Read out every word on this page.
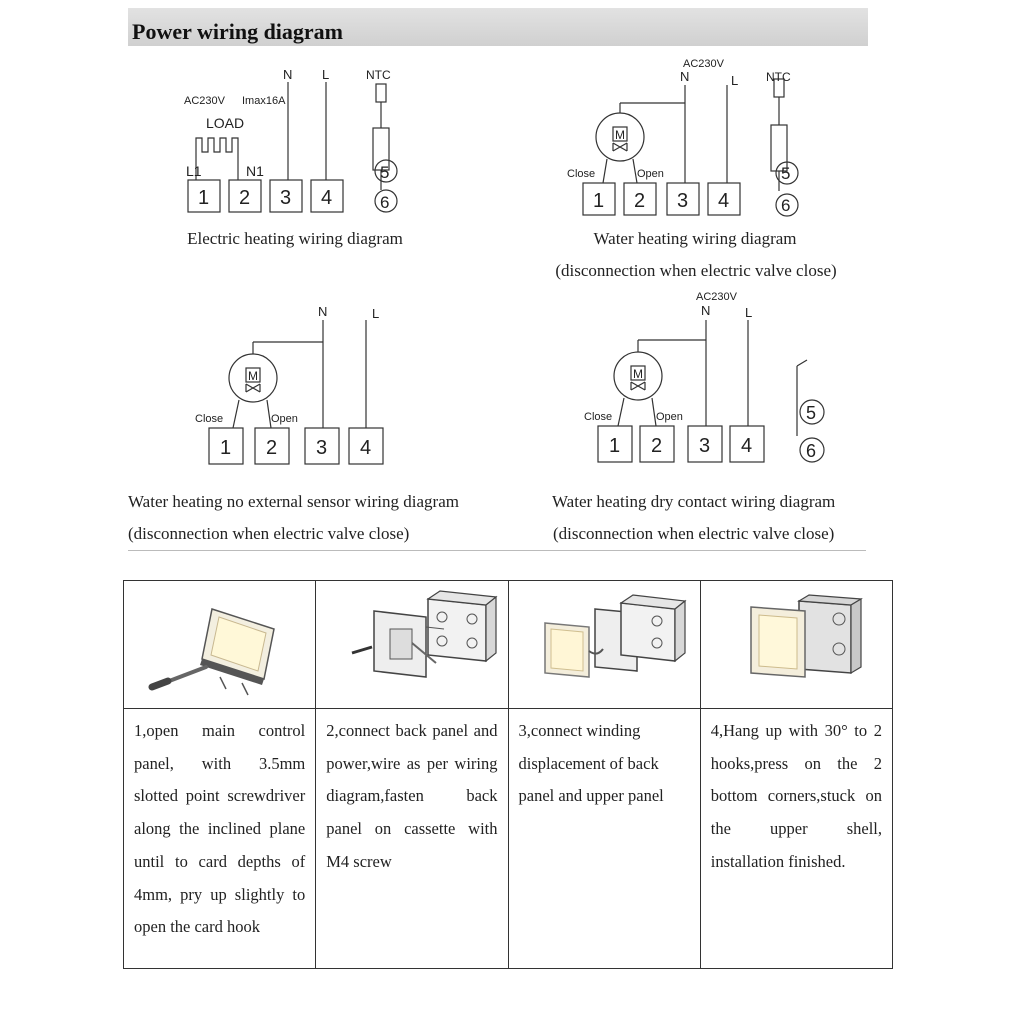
Power wiring diagram
AC230V Imax16A
LOAD
L1	N1
N L	NTC
1 2 3 4
5
6
Electric heating wiring diagram
AC230V
N	L NTC
M
Close	Open
1 2 3 4
5
6
Water heating wiring diagram
(disconnection when electric valve close)
N	L
M
Close	Open
1 2 3 4
Water heating no external sensor wiring diagram
(disconnection when electric valve close)
AC230V
N	L
M
Close	Open
1 2 3 4
5
6
Water heating dry contact wiring diagram
(disconnection when electric valve close)

1,open main control panel, with 3.5mm slotted point screwdriver along the inclined plane until to card depths of 4mm, pry up slightly to open the card hook	2,connect back panel and power,wire as per wiring diagram,fasten back panel on cassette with M4 screw	3,connect winding displacement of back panel and upper panel	4,Hang up with 30° to 2 hooks,press on the 2 bottom corners,stuck on the upper shell, installation finished.
